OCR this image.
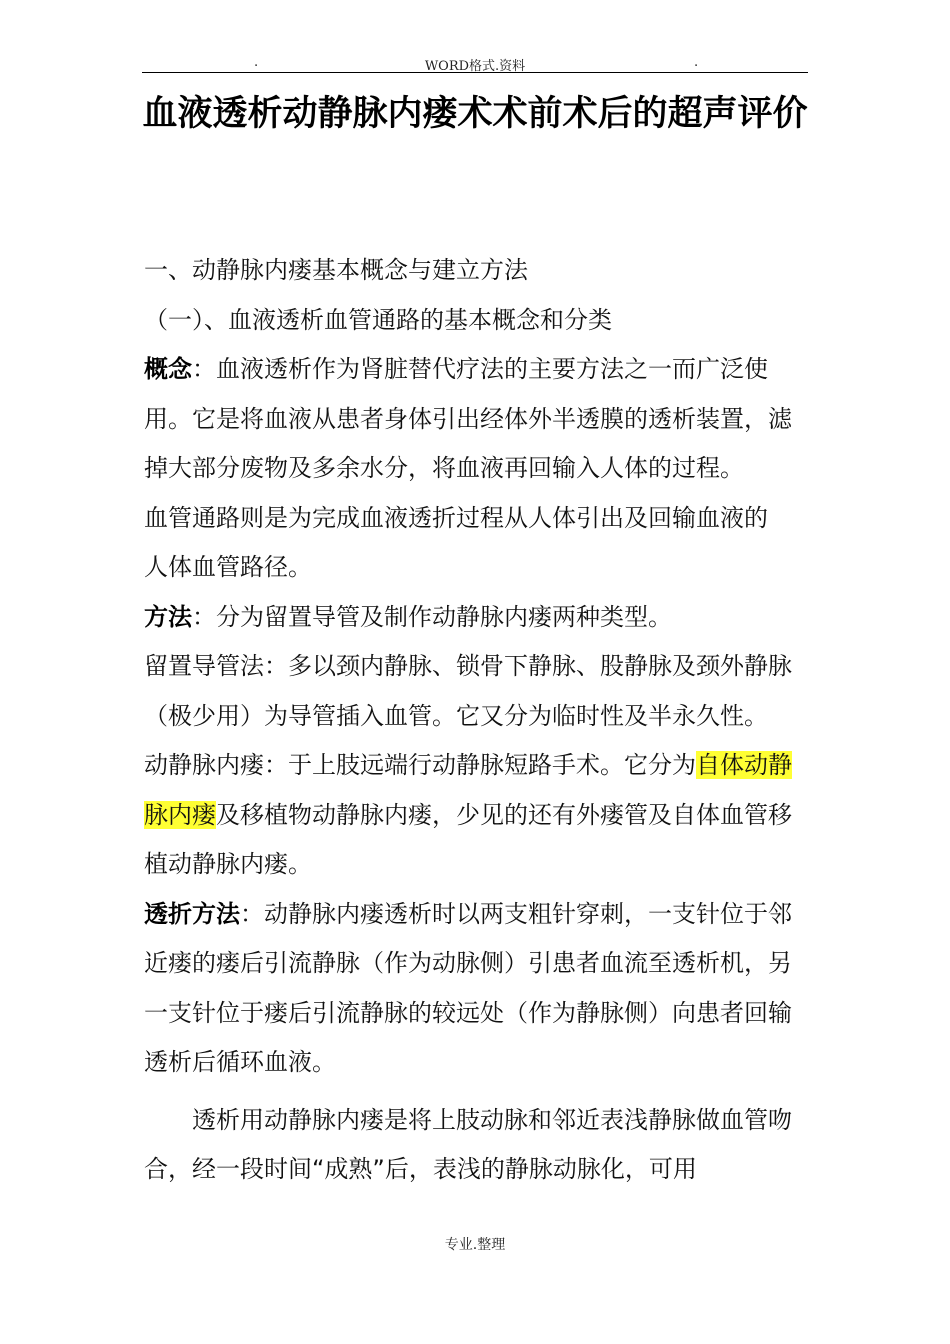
.	WORD格式.资料	.
血液透析动静脉内瘘术术前术后的超声评价

一、动静脉内瘘基本概念与建立方法

（一）、血液透析血管通路的基本概念和分类

概念：血液透析作为肾脏替代疗法的主要方法之一而广泛使用。它是将血液从患者身体引出经体外半透膜的透析装置，滤掉大部分废物及多余水分，将血液再回输入人体的过程。

血管通路则是为完成血液透折过程从人体引出及回输血液的人体血管路径。

方法：分为留置导管及制作动静脉内瘘两种类型。

留置导管法：多以颈内静脉、锁骨下静脉、股静脉及颈外静脉（极少用）为导管插入血管。它又分为临时性及半永久性。

动静脉内瘘：于上肢远端行动静脉短路手术。它分为自体动静脉内瘘及移植物动静脉内瘘，少见的还有外瘘管及自体血管移植动静脉内瘘。

透折方法：动静脉内瘘透析时以两支粗针穿刺，一支针位于邻近瘘的瘘后引流静脉（作为动脉侧）引患者血流至透析机，另一支针位于瘘后引流静脉的较远处（作为静脉侧）向患者回输透析后循环血液。

透析用动静脉内瘘是将上肢动脉和邻近表浅静脉做血管吻合，经一段时间“成熟”后，表浅的静脉动脉化，可用

专业.整理
